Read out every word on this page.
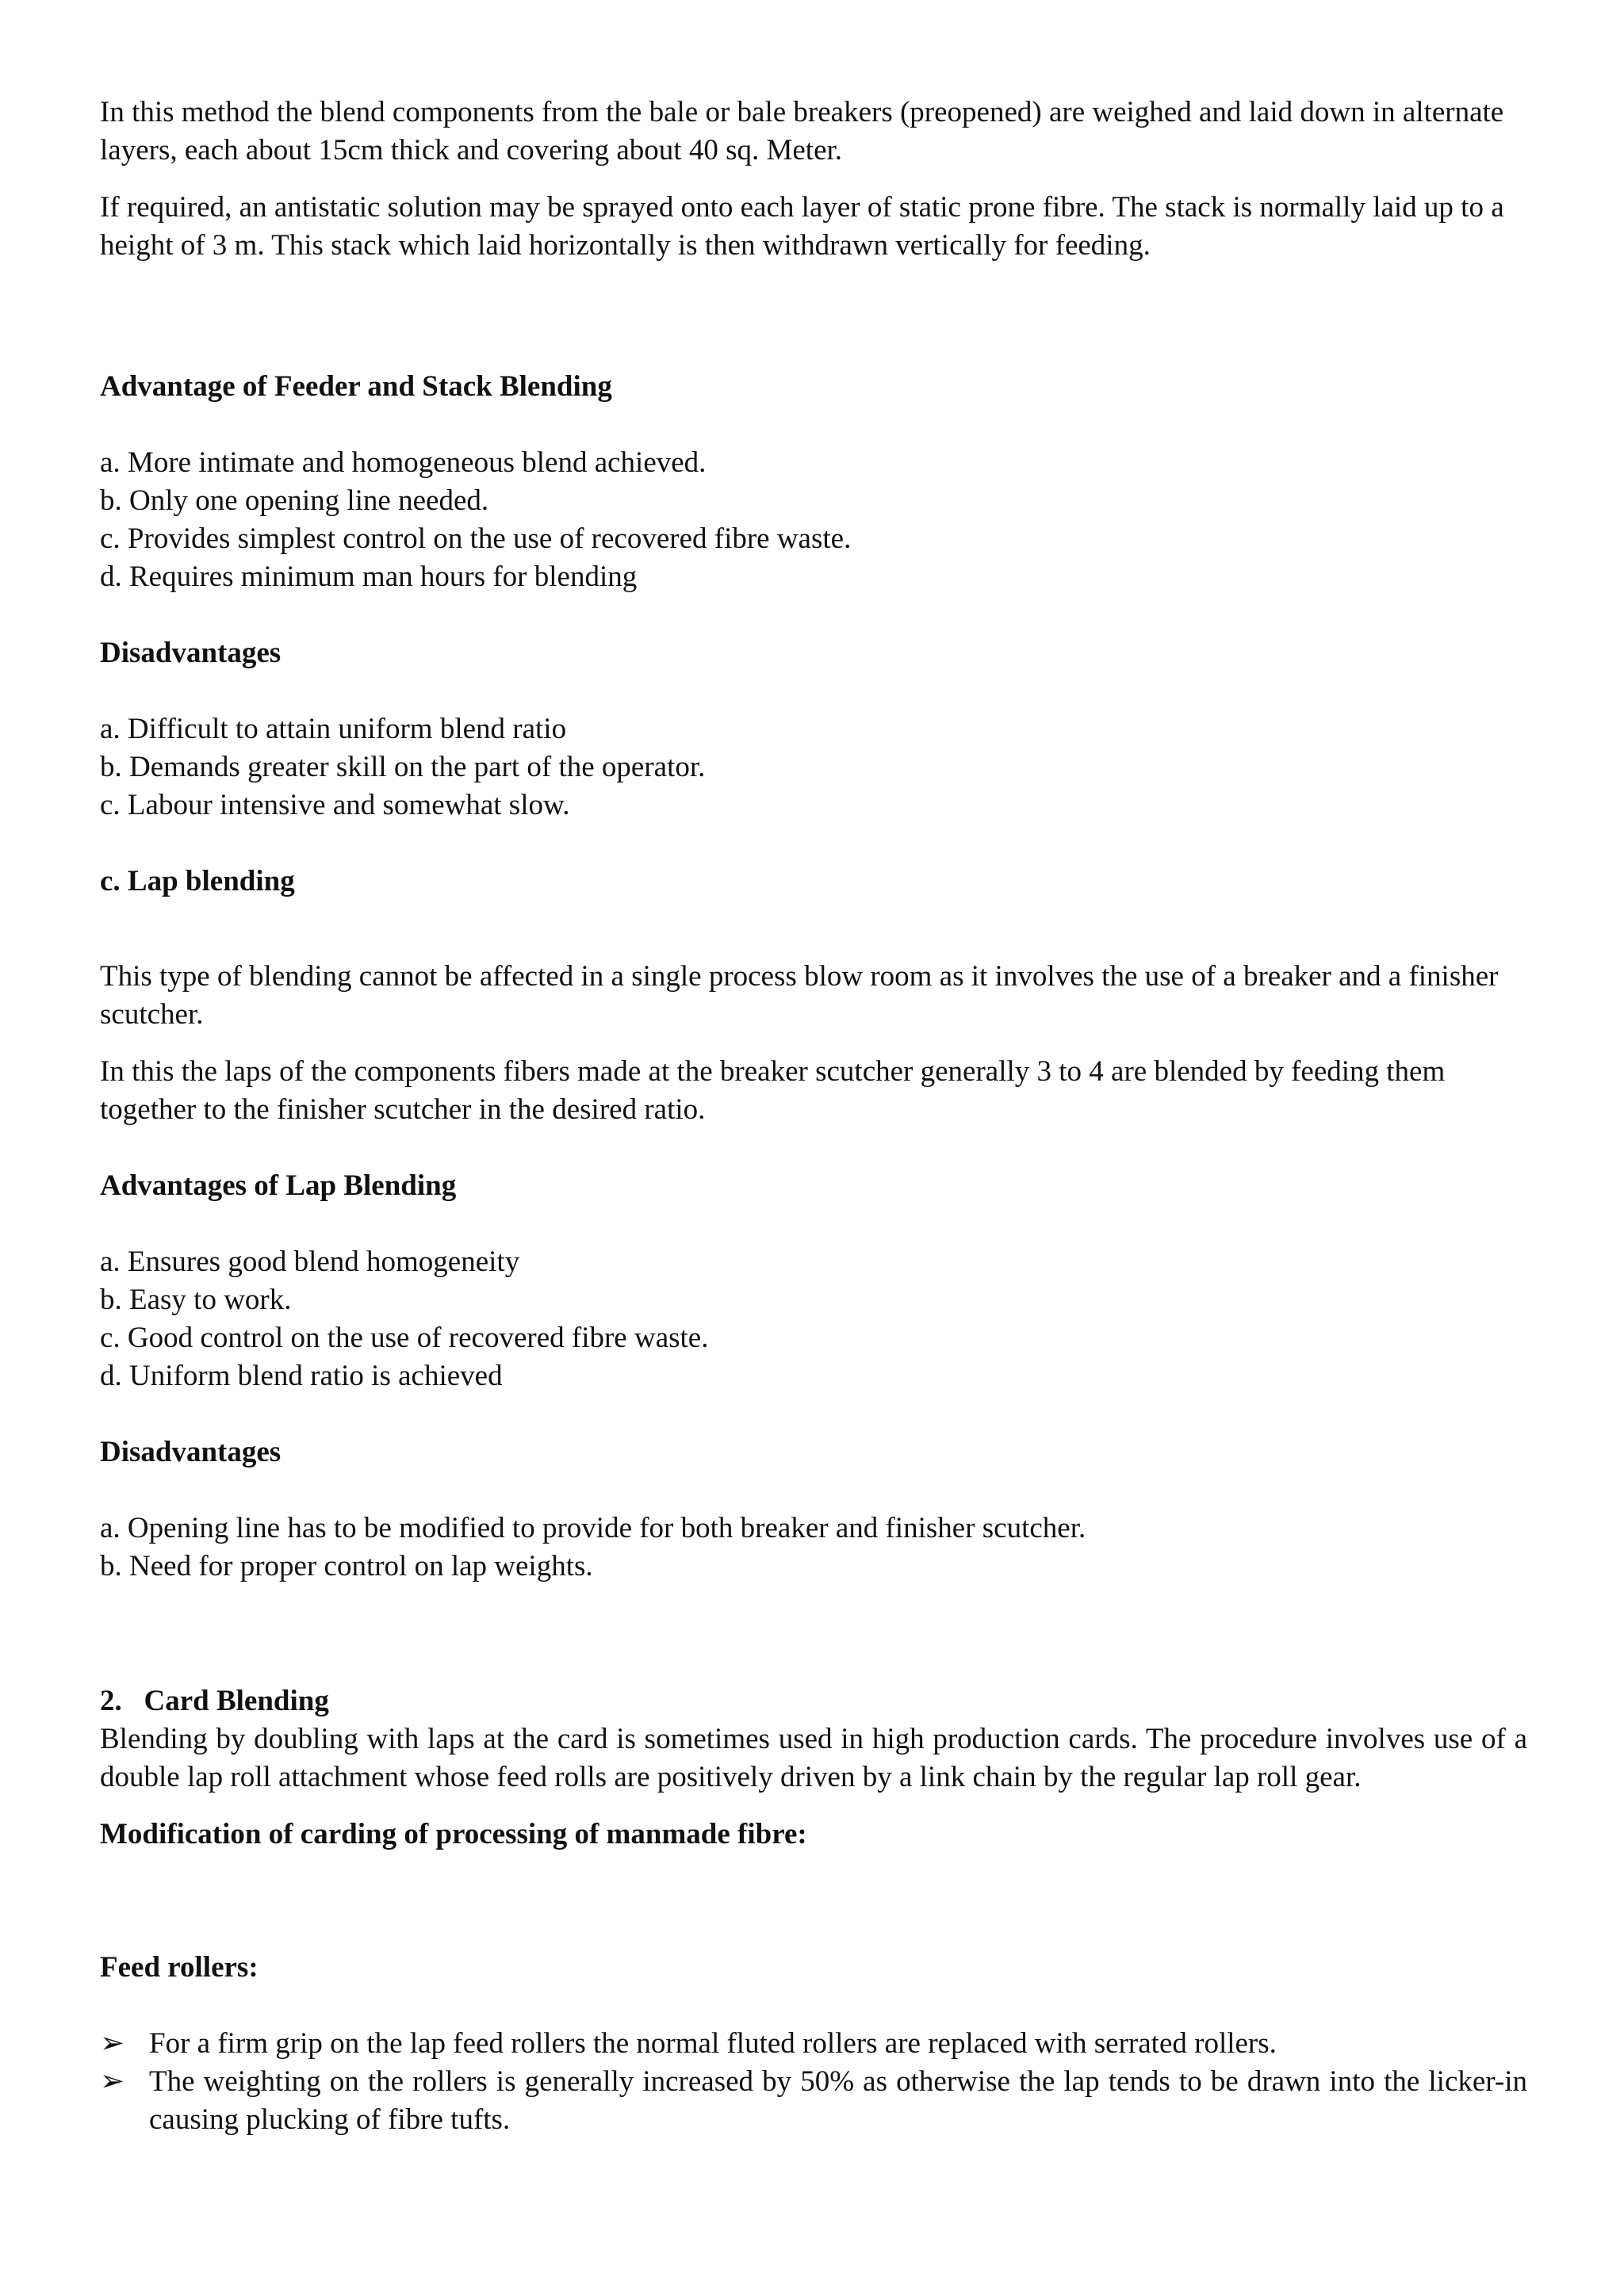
In this method the blend components from the bale or bale breakers (preopened) are weighed and laid down in alternate layers, each about 15cm thick and covering about 40 sq. Meter.

If required, an antistatic solution may be sprayed onto each layer of static prone fibre. The stack is normally laid up to a height of 3 m. This stack which laid horizontally is then withdrawn vertically for feeding.

Advantage of Feeder and Stack Blending

a. More intimate and homogeneous blend achieved.
b. Only one opening line needed.
c. Provides simplest control on the use of recovered fibre waste.
d. Requires minimum man hours for blending

Disadvantages

a. Difficult to attain uniform blend ratio
b. Demands greater skill on the part of the operator.
c. Labour intensive and somewhat slow.

c. Lap blending

This type of blending cannot be affected in a single process blow room as it involves the use of a breaker and a finisher scutcher.

In this the laps of the components fibers made at the breaker scutcher generally 3 to 4 are blended by feeding them together to the finisher scutcher in the desired ratio.

Advantages of Lap Blending

a. Ensures good blend homogeneity
b. Easy to work.
c. Good control on the use of recovered fibre waste.
d. Uniform blend ratio is achieved

Disadvantages

a. Opening line has to be modified to provide for both breaker and finisher scutcher.
b. Need for proper control on lap weights.

2.   Card Blending

Blending by doubling with laps at the card is sometimes used in high production cards. The procedure involves use of a double lap roll attachment whose feed rolls are positively driven by a link chain by the regular lap roll gear.

Modification of carding of processing of manmade fibre:

Feed rollers:

➢ For a firm grip on the lap feed rollers the normal fluted rollers are replaced with serrated rollers.
➢ The weighting on the rollers is generally increased by 50% as otherwise the lap tends to be drawn into the licker-in causing plucking of fibre tufts.
